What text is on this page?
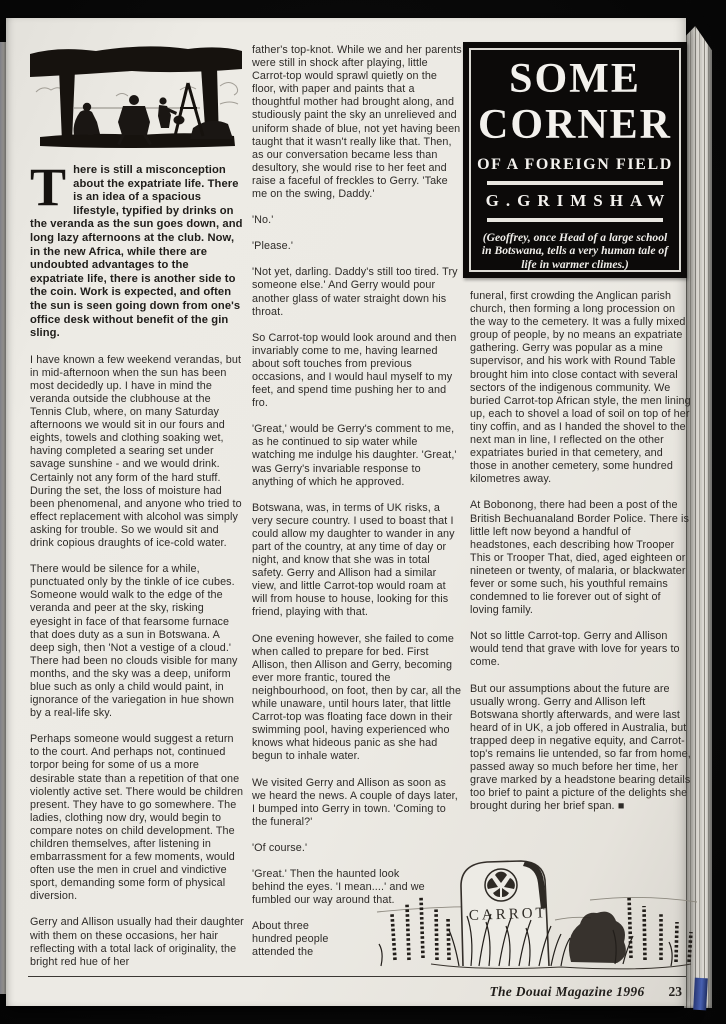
There is still a misconception about the expatriate life. There is an idea of a spacious lifestyle, typified by drinks on the veranda as the sun goes down, and long lazy afternoons at the club. Now, in the new Africa, while there are undoubted advantages to the expatriate life, there is another side to the coin. Work is expected, and often the sun is seen going down from one's office desk without benefit of the gin sling.

I have known a few weekend verandas, but in mid-afternoon when the sun has been most decidedly up. I have in mind the veranda outside the clubhouse at the Tennis Club, where, on many Saturday afternoons we would sit in our fours and eights, towels and clothing soaking wet, having completed a searing set under savage sunshine - and we would drink. Certainly not any form of the hard stuff. During the set, the loss of moisture had been phenomenal, and anyone who tried to effect replacement with alcohol was simply asking for trouble. So we would sit and drink copious draughts of ice-cold water.

There would be silence for a while, punctuated only by the tinkle of ice cubes. Someone would walk to the edge of the veranda and peer at the sky, risking eyesight in face of that fearsome furnace that does duty as a sun in Botswana. A deep sigh, then 'Not a vestige of a cloud.' There had been no clouds visible for many months, and the sky was a deep, uniform blue such as only a child would paint, in ignorance of the variegation in hue shown by a real-life sky.

Perhaps someone would suggest a return to the court. And perhaps not, continued torpor being for some of us a more desirable state than a repetition of that one violently active set. There would be children present. They have to go somewhere. The ladies, clothing now dry, would begin to compare notes on child development. The children themselves, after listening in embarrassment for a few moments, would often use the men in cruel and vindictive sport, demanding some form of physical diversion.

Gerry and Allison usually had their daughter with them on these occasions, her hair reflecting with a total lack of originality, the bright red hue of her

father's top-knot. While we and her parents were still in shock after playing, little Carrot-top would sprawl quietly on the floor, with paper and paints that a thoughtful mother had brought along, and studiously paint the sky an unrelieved and uniform shade of blue, not yet having been taught that it wasn't really like that. Then, as our conversation became less than desultory, she would rise to her feet and raise a faceful of freckles to Gerry. 'Take me on the swing, Daddy.'

'No.'

'Please.'

'Not yet, darling. Daddy's still too tired. Try someone else.' And Gerry would pour another glass of water straight down his throat.

So Carrot-top would look around and then invariably come to me, having learned about soft touches from previous occasions, and I would haul myself to my feet, and spend time pushing her to and fro.

'Great,' would be Gerry's comment to me, as he continued to sip water while watching me indulge his daughter. 'Great,' was Gerry's invariable response to anything of which he approved.

Botswana, was, in terms of UK risks, a very secure country. I used to boast that I could allow my daughter to wander in any part of the country, at any time of day or night, and know that she was in total safety. Gerry and Allison had a similar view, and little Carrot-top would roam at will from house to house, looking for this friend, playing with that.

One evening however, she failed to come when called to prepare for bed. First Allison, then Allison and Gerry, becoming ever more frantic, toured the neighbourhood, on foot, then by car, all the while unaware, until hours later, that little Carrot-top was floating face down in their swimming pool, having experienced who knows what hideous panic as she had begun to inhale water.

We visited Gerry and Allison as soon as we heard the news. A couple of days later, I bumped into Gerry in town. 'Coming to the funeral?'

'Of course.'

'Great.' Then the haunted look behind the eyes. 'I mean....' and we fumbled our way around that.

About three hundred people attended the

SOME
CORNER
OF A FOREIGN FIELD
G.GRIMSHAW
(Geoffrey, once Head of a large school in Botswana, tells a very human tale of life in warmer climes.)

funeral, first crowding the Anglican parish church, then forming a long procession on the way to the cemetery. It was a fully mixed group of people, by no means an expatriate gathering. Gerry was popular as a mine supervisor, and his work with Round Table brought him into close contact with several sectors of the indigenous community. We buried Carrot-top African style, the men lining up, each to shovel a load of soil on top of her tiny coffin, and as I handed the shovel to the next man in line, I reflected on the other expatriates buried in that cemetery, and those in another cemetery, some hundred kilometres away.

At Bobonong, there had been a post of the British Bechuanaland Border Police. There is little left now beyond a handful of headstones, each describing how Trooper This or Trooper That, died, aged eighteen or nineteen or twenty, of malaria, or blackwater fever or some such, his youthful remains condemned to lie forever out of sight of loving family.

Not so little Carrot-top. Gerry and Allison would tend that grave with love for years to come.

But our assumptions about the future are usually wrong. Gerry and Allison left Botswana shortly afterwards, and were last heard of in UK, a job offered in Australia, but trapped deep in negative equity, and Carrot-top's remains lie untended, so far from home, passed away so much before her time, her grave marked by a headstone bearing details too brief to paint a picture of the delights she brought during her brief span. ■

CARROT
The Douai Magazine 1996 23
